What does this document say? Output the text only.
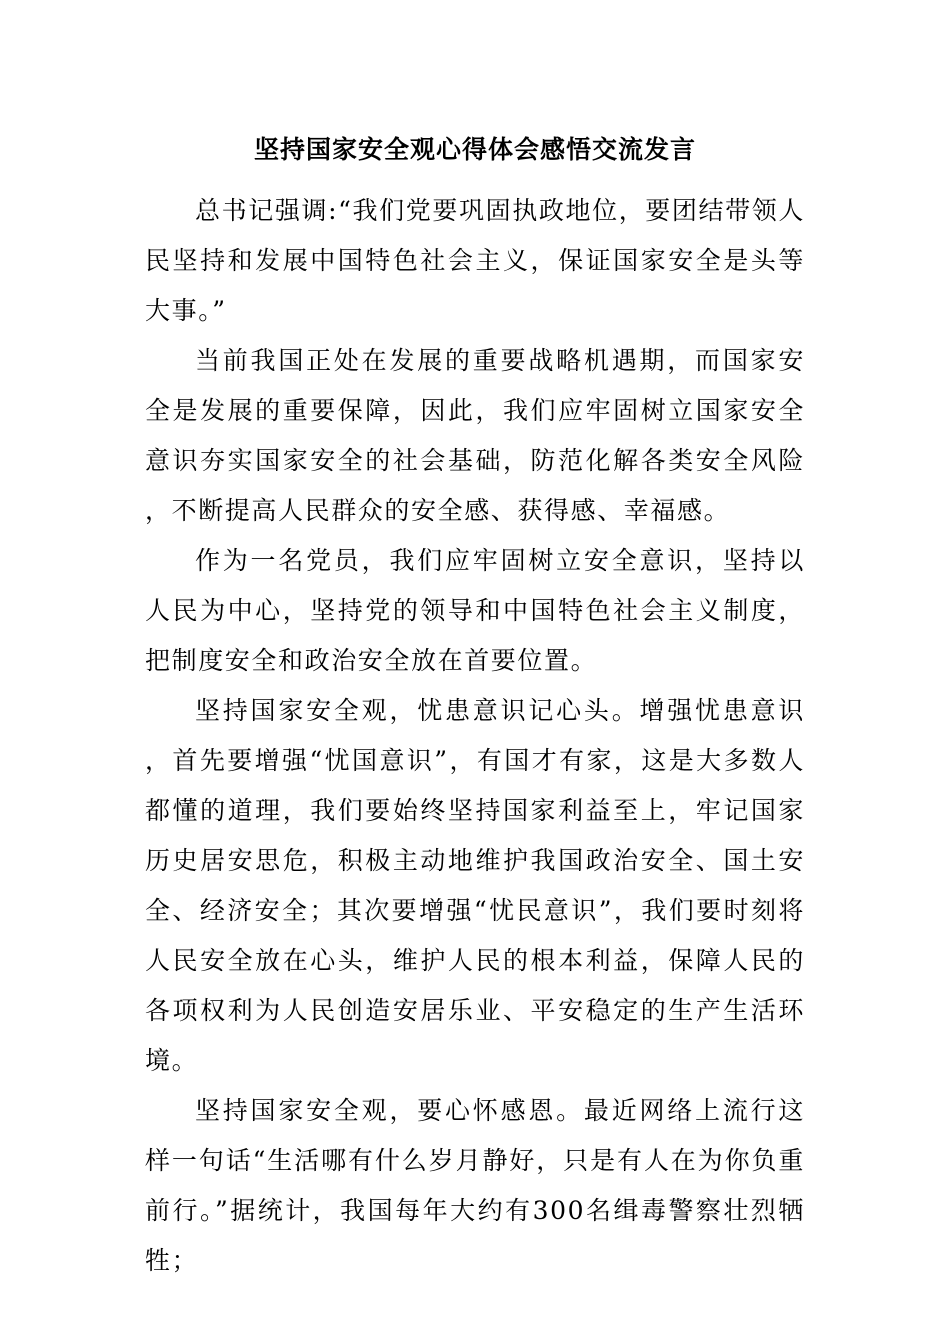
坚持国家安全观心得体会感悟交流发言

总书记强调:“我们党要巩固执政地位，要团结带领人民坚持和发展中国特色社会主义，保证国家安全是头等大事。”

当前我国正处在发展的重要战略机遇期，而国家安全是发展的重要保障，因此，我们应牢固树立国家安全意识夯实国家安全的社会基础，防范化解各类安全风险，不断提高人民群众的安全感、获得感、幸福感。

作为一名党员，我们应牢固树立安全意识，坚持以人民为中心，坚持党的领导和中国特色社会主义制度，把制度安全和政治安全放在首要位置。

坚持国家安全观，忧患意识记心头。增强忧患意识，首先要增强“忧国意识”，有国才有家，这是大多数人都懂的道理，我们要始终坚持国家利益至上，牢记国家历史居安思危，积极主动地维护我国政治安全、国土安全、经济安全；其次要增强“忧民意识”，我们要时刻将人民安全放在心头，维护人民的根本利益，保障人民的各项权利为人民创造安居乐业、平安稳定的生产生活环境。

坚持国家安全观，要心怀感恩。最近网络上流行这样一句话“生活哪有什么岁月静好，只是有人在为你负重前行。”据统计，我国每年大约有300名缉毒警察壮烈牺牲；
